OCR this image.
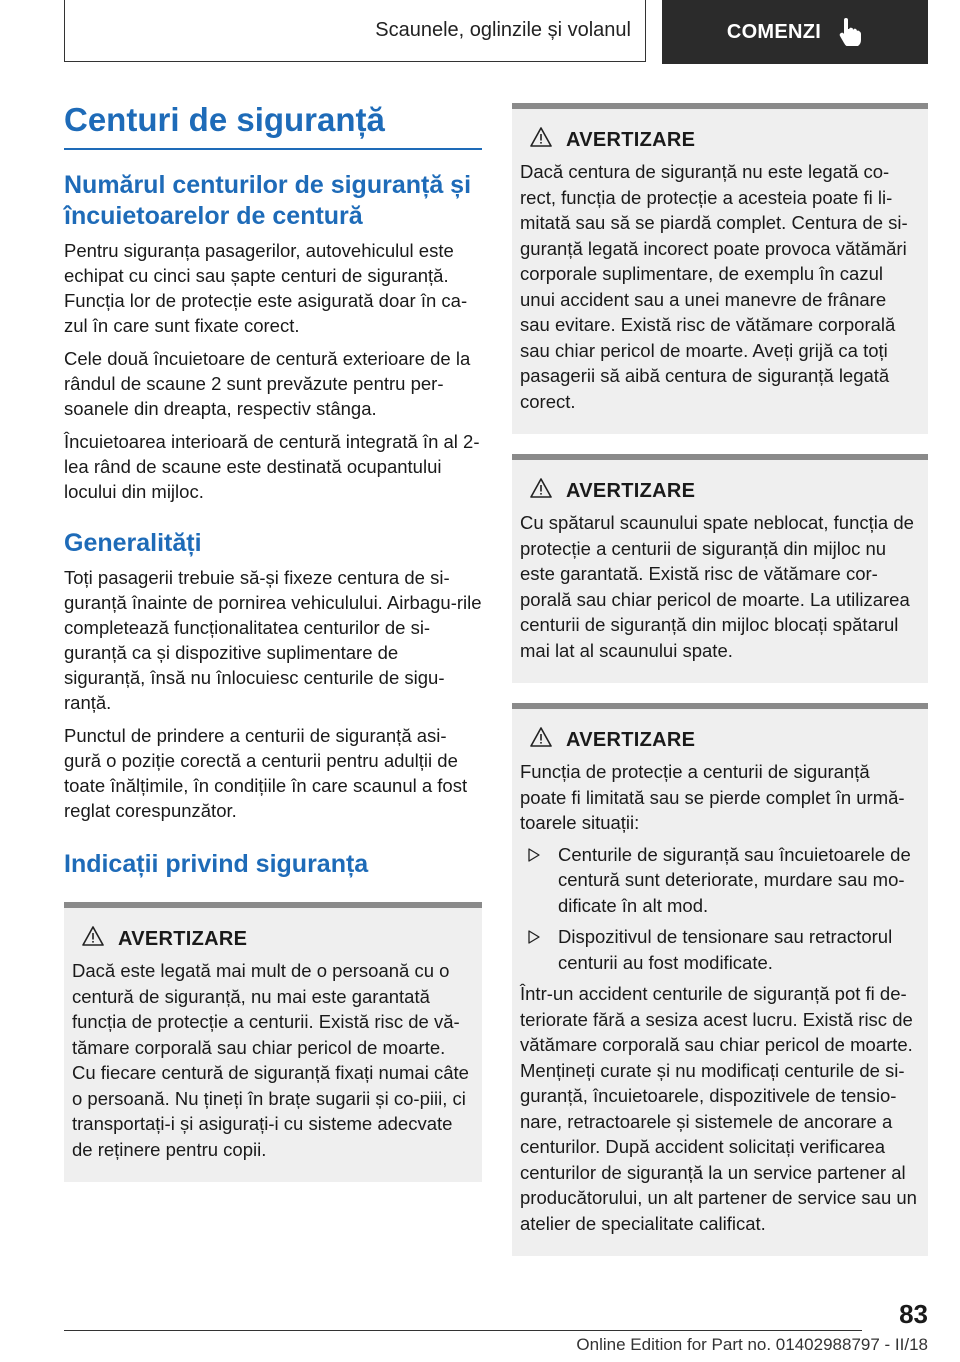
Scaunele, oglinzile și volanul	COMENZI
Centuri de siguranță
Numărul centurilor de siguranță și încuietoarelor de centură

Pentru siguranța pasagerilor, autovehiculul este echipat cu cinci sau șapte centuri de siguranță. Funcția lor de protecție este asigurată doar în ca-zul în care sunt fixate corect.

Cele două încuietoare de centură exterioare de la rândul de scaune 2 sunt prevăzute pentru per-soanele din dreapta, respectiv stânga.

Încuietoarea interioară de centură integrată în al 2-lea rând de scaune este destinată ocupantului locului din mijloc.

Generalități

Toți pasagerii trebuie să-și fixeze centura de si-guranță înainte de pornirea vehiculului. Airbagu-rile completează funcționalitatea centurilor de si-guranță ca și dispozitive suplimentare de siguranță, însă nu înlocuiesc centurile de sigu-ranță.

Punctul de prindere a centurii de siguranță asi-gură o poziție corectă a centurii pentru adulții de toate înălțimile, în condițiile în care scaunul a fost reglat corespunzător.

Indicații privind siguranța
AVERTIZARE

Dacă este legată mai mult de o persoană cu o centură de siguranță, nu mai este garantată funcția de protecție a centurii. Există risc de vă-tămare corporală sau chiar pericol de moarte. Cu fiecare centură de siguranță fixați numai câte o persoană. Nu țineți în brațe sugarii și co-piii, ci transportați-i și asigurați-i cu sisteme adecvate de reținere pentru copii.

AVERTIZARE

Dacă centura de siguranță nu este legată co-rect, funcția de protecție a acesteia poate fi li-mitată sau să se piardă complet. Centura de si-guranță legată incorect poate provoca vătămări corporale suplimentare, de exemplu în cazul unui accident sau a unei manevre de frânare sau evitare. Există risc de vătămare corporală sau chiar pericol de moarte. Aveți grijă ca toți pasagerii să aibă centura de siguranță legată corect.

AVERTIZARE

Cu spătarul scaunului spate neblocat, funcția de protecție a centurii de siguranță din mijloc nu este garantată. Există risc de vătămare cor-porală sau chiar pericol de moarte. La utilizarea centurii de siguranță din mijloc blocați spătarul mai lat al scaunului spate.

AVERTIZARE

Funcția de protecție a centurii de siguranță poate fi limitată sau se pierde complet în urmă-toarele situații:

Centurile de siguranță sau încuietoarele de centură sunt deteriorate, murdare sau mo-dificate în alt mod.
Dispozitivul de tensionare sau retractorul centurii au fost modificate.

Într-un accident centurile de siguranță pot fi de-teriorate fără a sesiza acest lucru. Există risc de vătămare corporală sau chiar pericol de moarte. Mențineți curate și nu modificați centurile de si-guranță, încuietoarele, dispozitivele de tensio-nare, retractoarele și sistemele de ancorare a centurilor. După accident solicitați verificarea centurilor de siguranță la un service partener al producătorului, un alt partener de service sau un atelier de specialitate calificat.

83
Online Edition for Part no. 01402988797 - II/18
